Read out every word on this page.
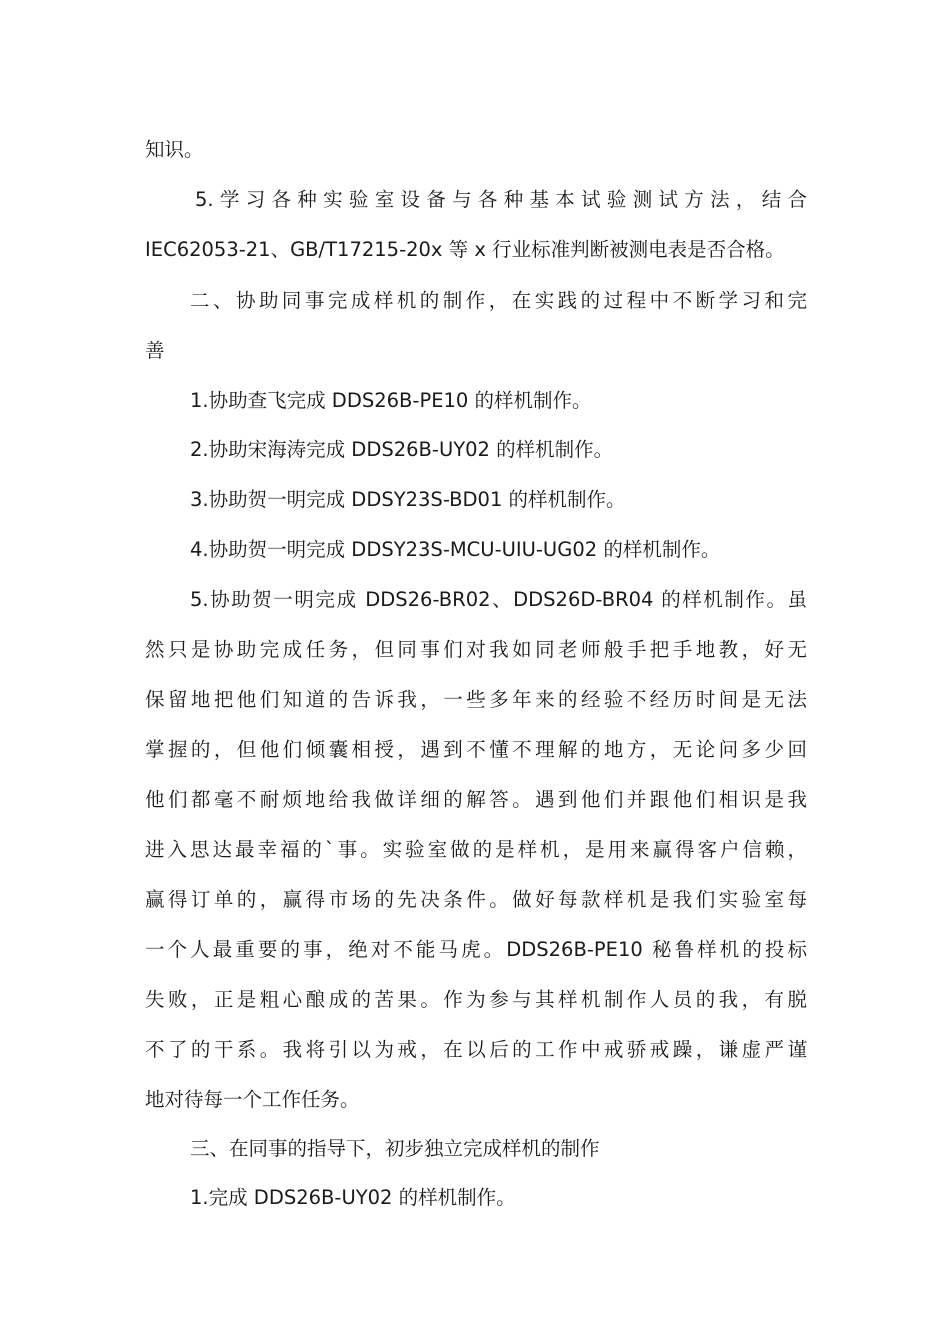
知识。

5.学习各种实验室设备与各种基本试验测试方法，结合

IEC62053-21、GB/T17215-20x 等 x 行业标准判断被测电表是否合格。

二、协助同事完成样机的制作，在实践的过程中不断学习和完

善

1.协助查飞完成 DDS26B-PE10 的样机制作。

2.协助宋海涛完成 DDS26B-UY02 的样机制作。

3.协助贺一明完成 DDSY23S-BD01 的样机制作。

4.协助贺一明完成 DDSY23S-MCU-UIU-UG02 的样机制作。

5.协助贺一明完成 DDS26-BR02、DDS26D-BR04 的样机制作。虽

然只是协助完成任务，但同事们对我如同老师般手把手地教，好无

保留地把他们知道的告诉我，一些多年来的经验不经历时间是无法

掌握的，但他们倾囊相授，遇到不懂不理解的地方，无论问多少回

他们都毫不耐烦地给我做详细的解答。遇到他们并跟他们相识是我

进入思达最幸福的`事。实验室做的是样机，是用来赢得客户信赖，

赢得订单的，赢得市场的先决条件。做好每款样机是我们实验室每

一个人最重要的事，绝对不能马虎。DDS26B-PE10 秘鲁样机的投标

失败，正是粗心酿成的苦果。作为参与其样机制作人员的我，有脱

不了的干系。我将引以为戒，在以后的工作中戒骄戒躁，谦虚严谨

地对待每一个工作任务。

三、在同事的指导下，初步独立完成样机的制作

1.完成 DDS26B-UY02 的样机制作。
